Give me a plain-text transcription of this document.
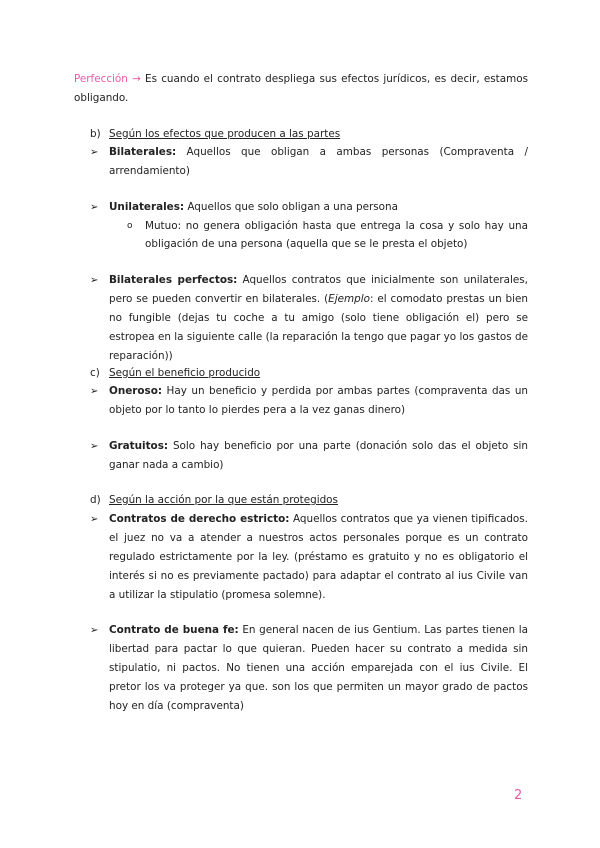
Perfección → Es cuando el contrato despliega sus efectos jurídicos, es decir, estamos obligando.

b) Según los efectos que producen a las partes
➢ Bilaterales: Aquellos que obligan a ambas personas (Compraventa / arrendamiento)
➢ Unilaterales: Aquellos que solo obligan a una persona
o Mutuo: no genera obligación hasta que entrega la cosa y solo hay una obligación de una persona (aquella que se le presta el objeto)
➢ Bilaterales perfectos: Aquellos contratos que inicialmente son unilaterales, pero se pueden convertir en bilaterales. (Ejemplo: el comodato prestas un bien no fungible (dejas tu coche a tu amigo (solo tiene obligación el) pero se estropea en la siguiente calle (la reparación la tengo que pagar yo los gastos de reparación))
c) Según el beneficio producido
➢ Oneroso: Hay un beneficio y perdida por ambas partes (compraventa das un objeto por lo tanto lo pierdes pera a la vez ganas dinero)
➢ Gratuitos: Solo hay beneficio por una parte (donación solo das el objeto sin ganar nada a cambio)
d) Según la acción por la que están protegidos
➢ Contratos de derecho estricto: Aquellos contratos que ya vienen tipificados. el juez no va a atender a nuestros actos personales porque es un contrato regulado estrictamente por la ley. (préstamo es gratuito y no es obligatorio el interés si no es previamente pactado) para adaptar el contrato al ius Civile van a utilizar la stipulatio (promesa solemne).
➢ Contrato de buena fe: En general nacen de ius Gentium. Las partes tienen la libertad para pactar lo que quieran. Pueden hacer su contrato a medida sin stipulatio, ni pactos. No tienen una acción emparejada con el ius Civile. El pretor los va proteger ya que. son los que permiten un mayor grado de pactos hoy en día (compraventa)
2
